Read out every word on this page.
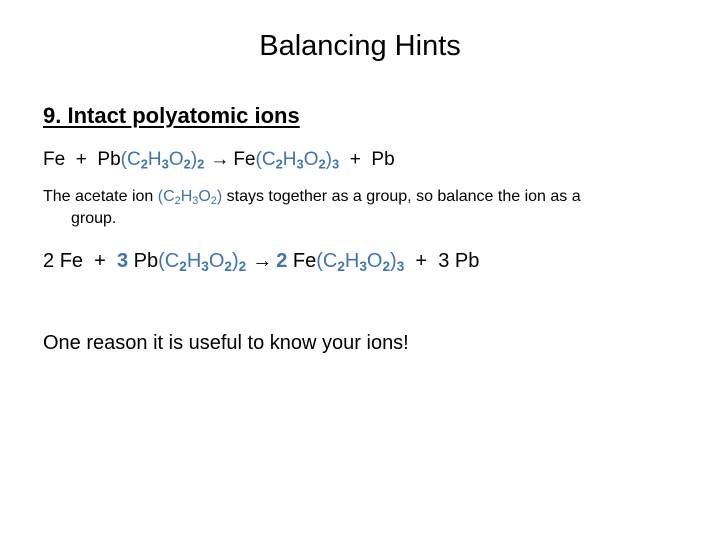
Balancing Hints
9. Intact polyatomic ions
$Fe + Pb(C_2H_3O_2)_2 \to Fe(C_2H_3O_2)_3 + Pb$
The acetate ion $(C_2H_3O_2)$ stays together as a group, so balance the ion as a
group.
2 Fe + 3 $Pb(C_2H_3O_2)_2 \to 2$ $Fe(C_2H_3O_2)_3 + 3$ Pb
One reason it is useful to know your ions!
